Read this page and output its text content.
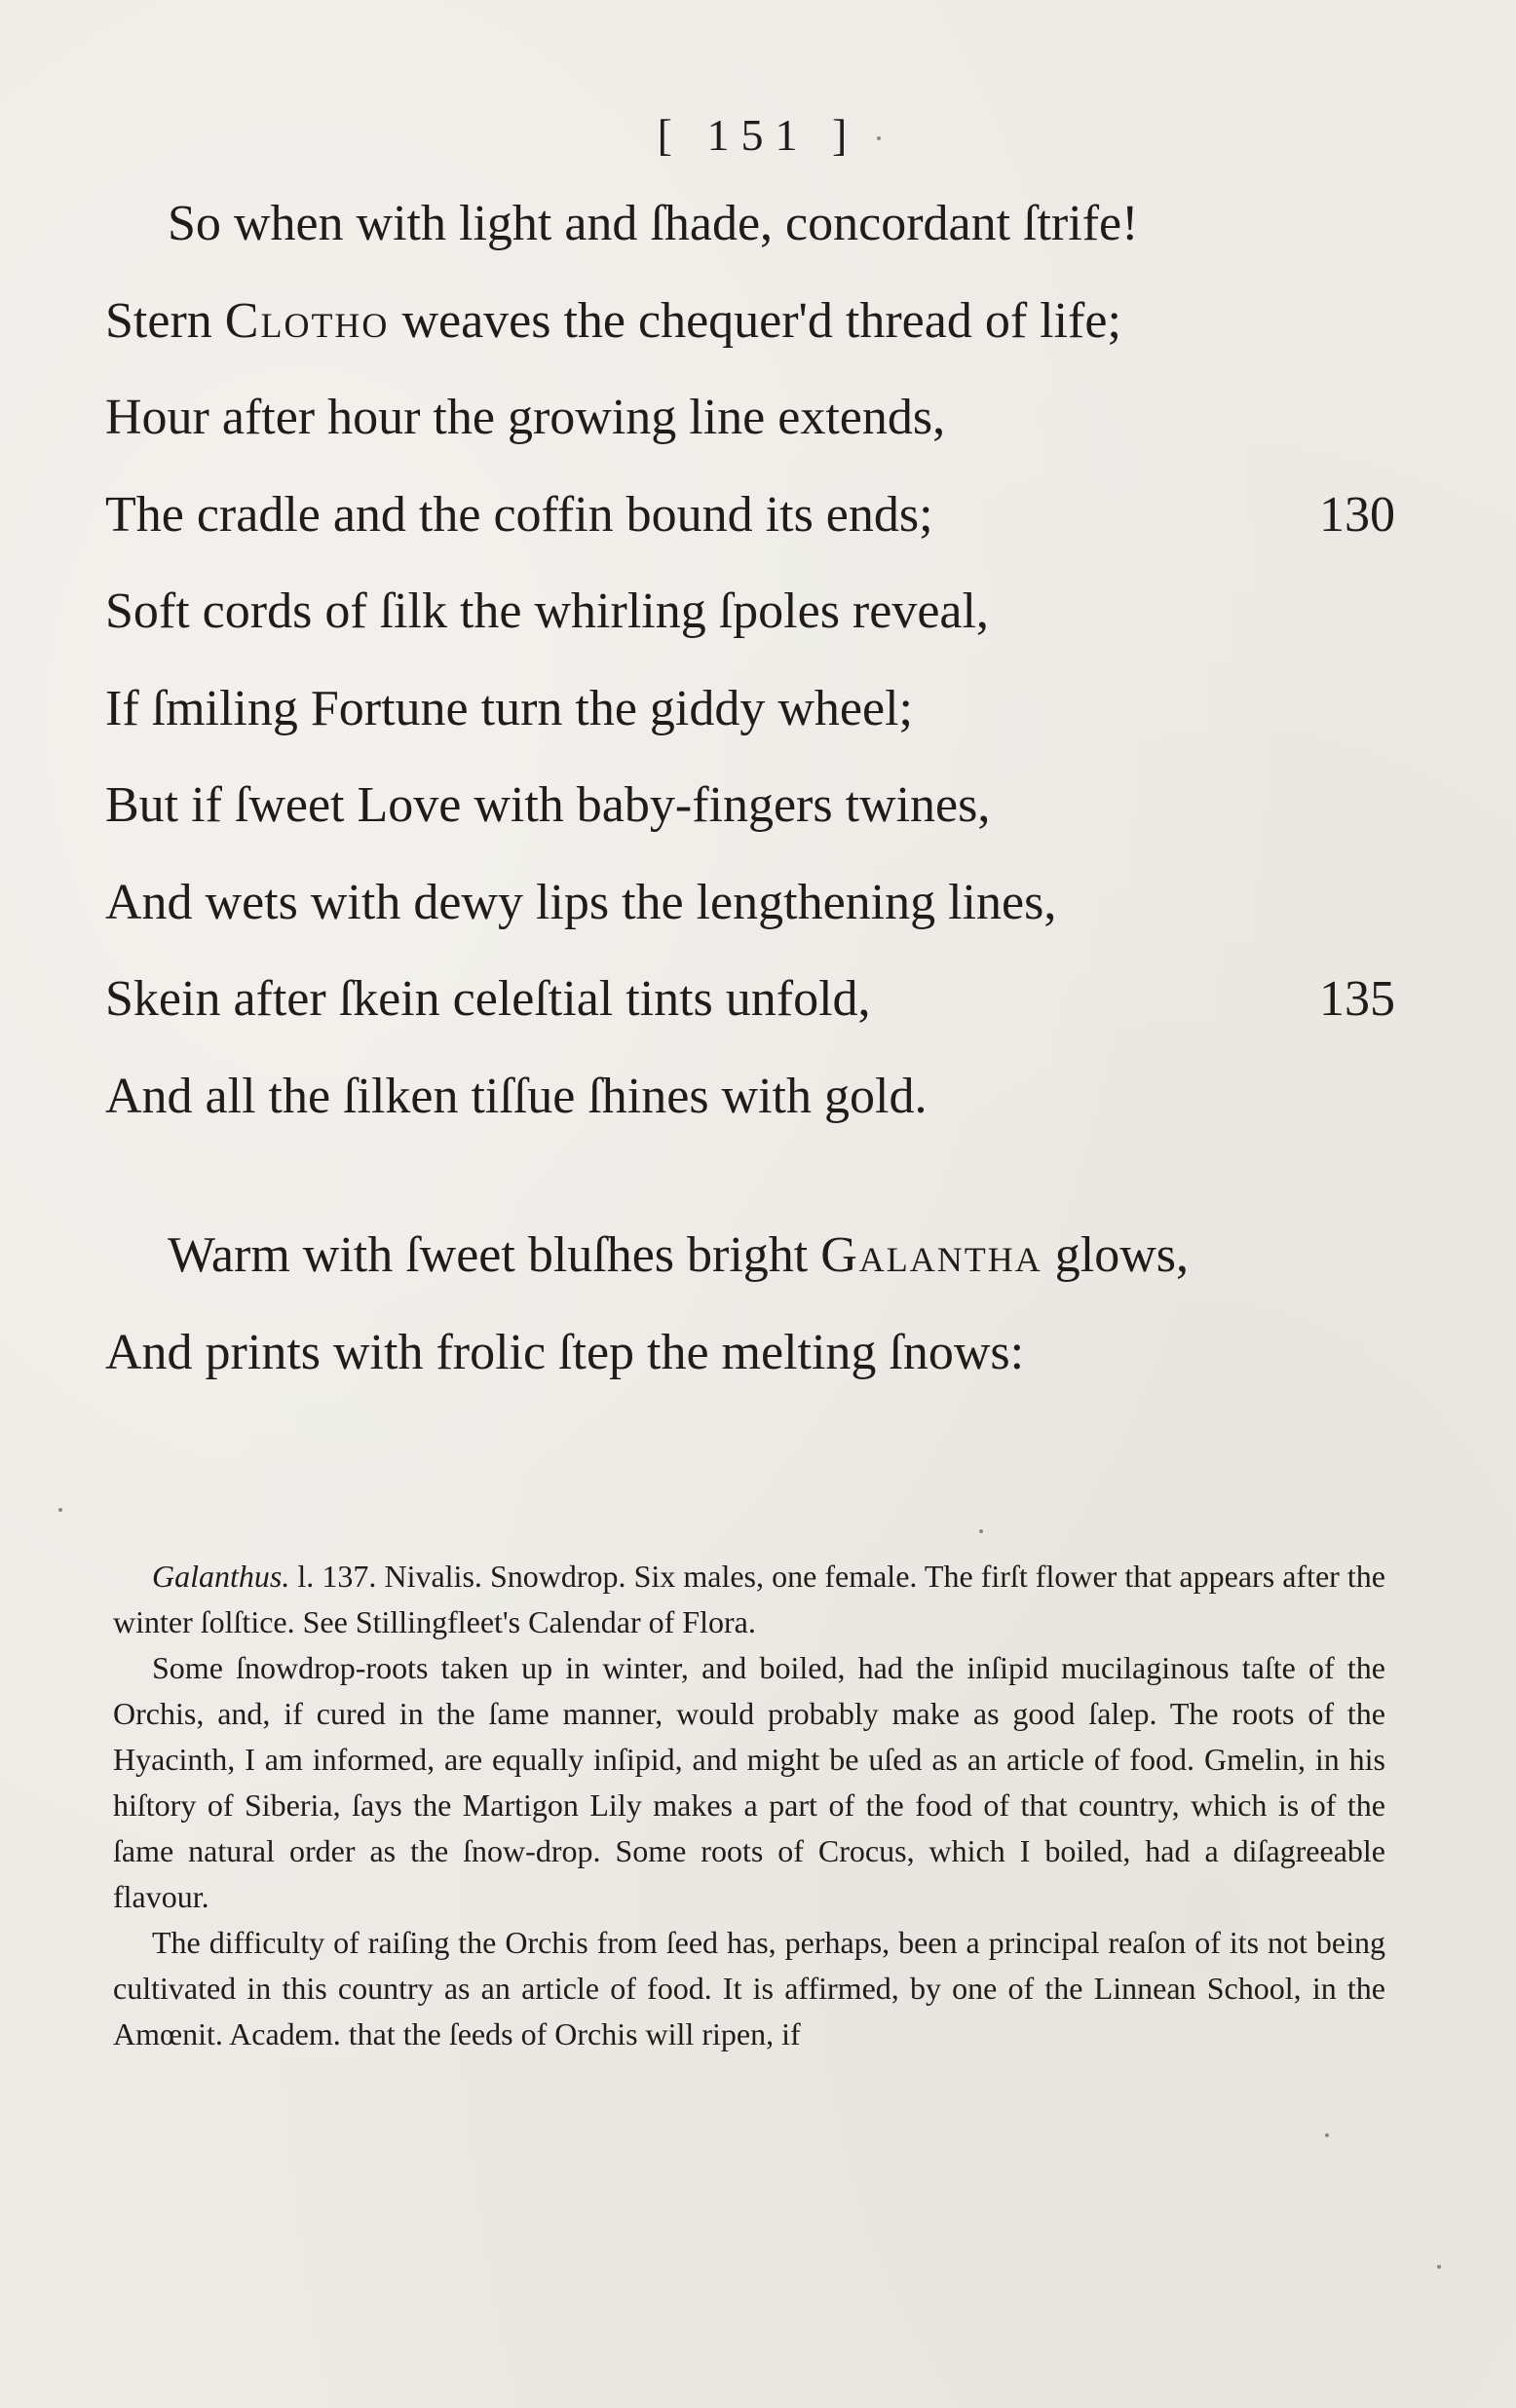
[ 151 ]
So when with light and ſhade, concordant ſtrife!
Stern Clotho weaves the chequer'd thread of life;
Hour after hour the growing line extends,
The cradle and the coffin bound its ends;	130
Soft cords of ſilk the whirling ſpoles reveal,
If ſmiling Fortune turn the giddy wheel;
But if ſweet Love with baby-fingers twines,
And wets with dewy lips the lengthening lines,
Skein after ſkein celeſtial tints unfold,	135
And all the ſilken tiſſue ſhines with gold.
Warm with ſweet bluſhes bright Galantha glows,
And prints with frolic ſtep the melting ſnows:

Galanthus. l. 137. Nivalis. Snowdrop. Six males, one female. The firſt flower that appears after the winter ſolſtice. See Stillingfleet's Calendar of Flora.

Some ſnowdrop-roots taken up in winter, and boiled, had the inſipid mucilaginous taſte of the Orchis, and, if cured in the ſame manner, would probably make as good ſalep. The roots of the Hyacinth, I am informed, are equally inſipid, and might be uſed as an article of food. Gmelin, in his hiſtory of Siberia, ſays the Martigon Lily makes a part of the food of that country, which is of the ſame natural order as the ſnow-drop. Some roots of Crocus, which I boiled, had a diſagreeable flavour.

The difficulty of raiſing the Orchis from ſeed has, perhaps, been a principal reaſon of its not being cultivated in this country as an article of food. It is affirmed, by one of the Linnean School, in the Amœnit. Academ. that the ſeeds of Orchis will ripen, if
